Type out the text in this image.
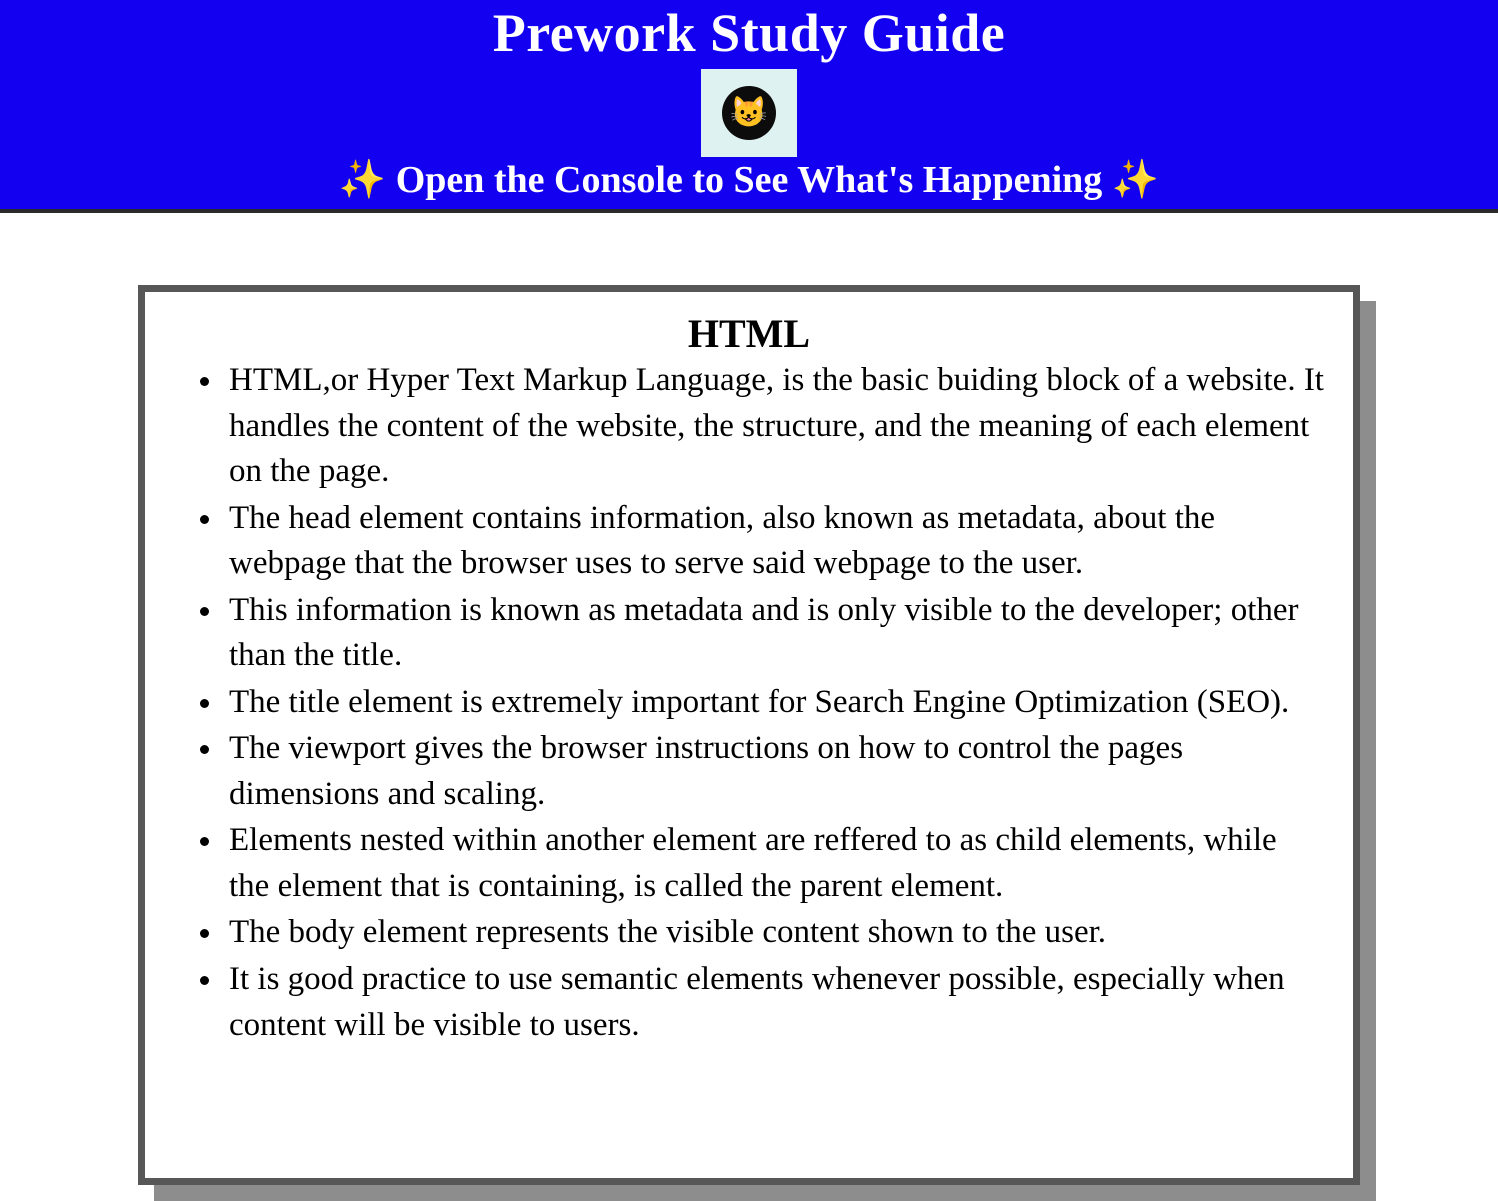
Prework Study Guide
😺
✨ Open the Console to See What's Happening ✨
HTML
• HTML,or Hyper Text Markup Language, is the basic buiding block of a website. It handles the content of the website, the structure, and the meaning of each element on the page.
• The head element contains information, also known as metadata, about the webpage that the browser uses to serve said webpage to the user.
• This information is known as metadata and is only visible to the developer; other than the title.
• The title element is extremely important for Search Engine Optimization (SEO).
• The viewport gives the browser instructions on how to control the pages dimensions and scaling.
• Elements nested within another element are reffered to as child elements, while the element that is containing, is called the parent element.
• The body element represents the visible content shown to the user.
• It is good practice to use semantic elements whenever possible, especially when content will be visible to users.
